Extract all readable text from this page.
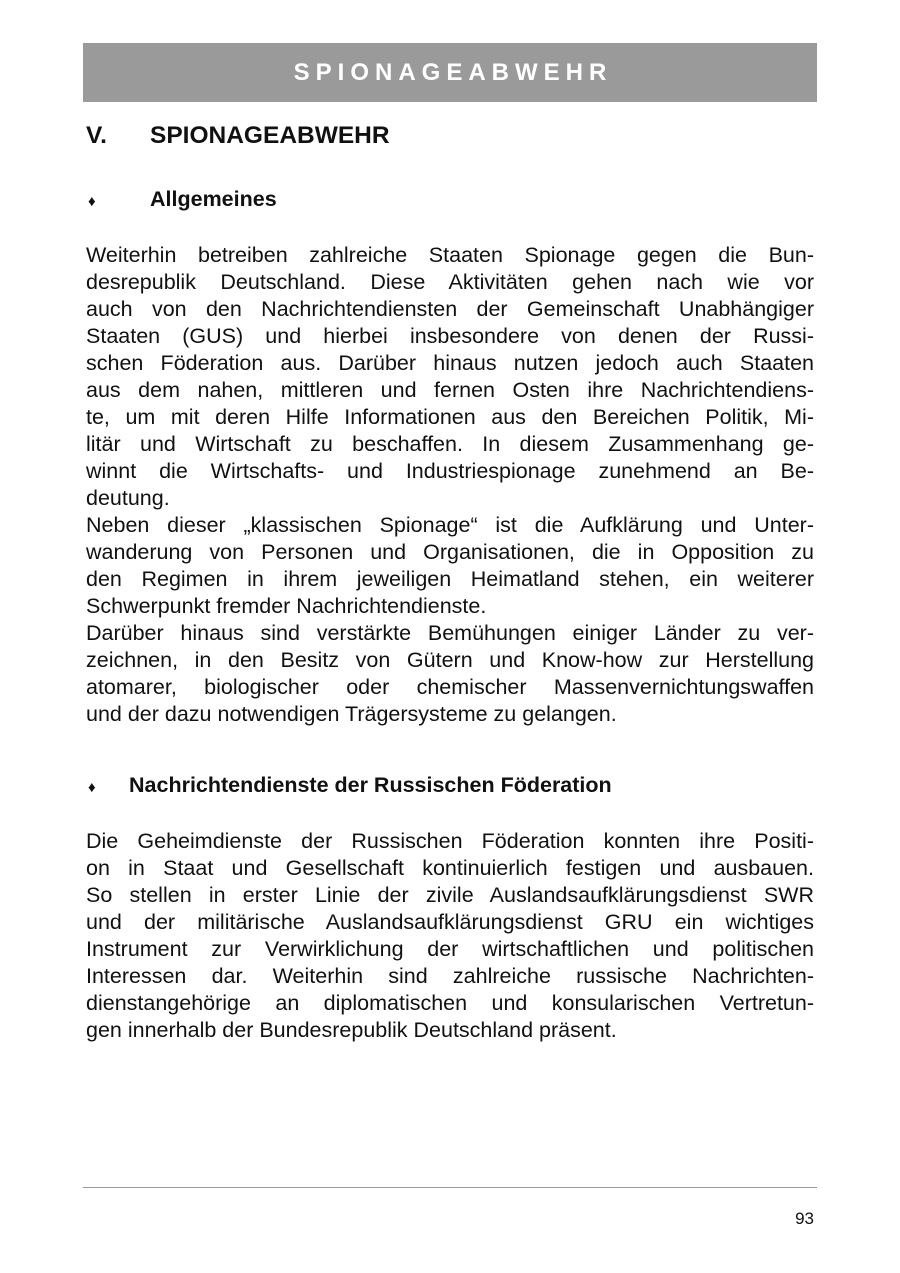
SPIONAGEABWEHR
V.	SPIONAGEABWEHR
♦	Allgemeines
Weiterhin betreiben zahlreiche Staaten Spionage gegen die Bun-
desrepublik Deutschland. Diese Aktivitäten gehen nach wie vor
auch von den Nachrichtendiensten der Gemeinschaft Unabhängiger
Staaten (GUS) und hierbei insbesondere von denen der Russi-
schen Föderation aus. Darüber hinaus nutzen jedoch auch Staaten
aus dem nahen, mittleren und fernen Osten ihre Nachrichtendiens-
te, um mit deren Hilfe Informationen aus den Bereichen Politik, Mi-
litär und Wirtschaft zu beschaffen. In diesem Zusammenhang ge-
winnt die Wirtschafts- und Industriespionage zunehmend an Be-
deutung.
Neben dieser „klassischen Spionage“ ist die Aufklärung und Unter-
wanderung von Personen und Organisationen, die in Opposition zu
den Regimen in ihrem jeweiligen Heimatland stehen, ein weiterer
Schwerpunkt fremder Nachrichtendienste.
Darüber hinaus sind verstärkte Bemühungen einiger Länder zu ver-
zeichnen, in den Besitz von Gütern und Know-how zur Herstellung
atomarer, biologischer oder chemischer Massenvernichtungswaffen
und der dazu notwendigen Trägersysteme zu gelangen.
♦	Nachrichtendienste der Russischen Föderation
Die Geheimdienste der Russischen Föderation konnten ihre Positi-
on in Staat und Gesellschaft kontinuierlich festigen und ausbauen.
So stellen in erster Linie der zivile Auslandsaufklärungsdienst SWR
und der militärische Auslandsaufklärungsdienst GRU ein wichtiges
Instrument zur Verwirklichung der wirtschaftlichen und politischen
Interessen dar. Weiterhin sind zahlreiche russische Nachrichten-
dienstangehörige an diplomatischen und konsularischen Vertretun-
gen innerhalb der Bundesrepublik Deutschland präsent.
93
